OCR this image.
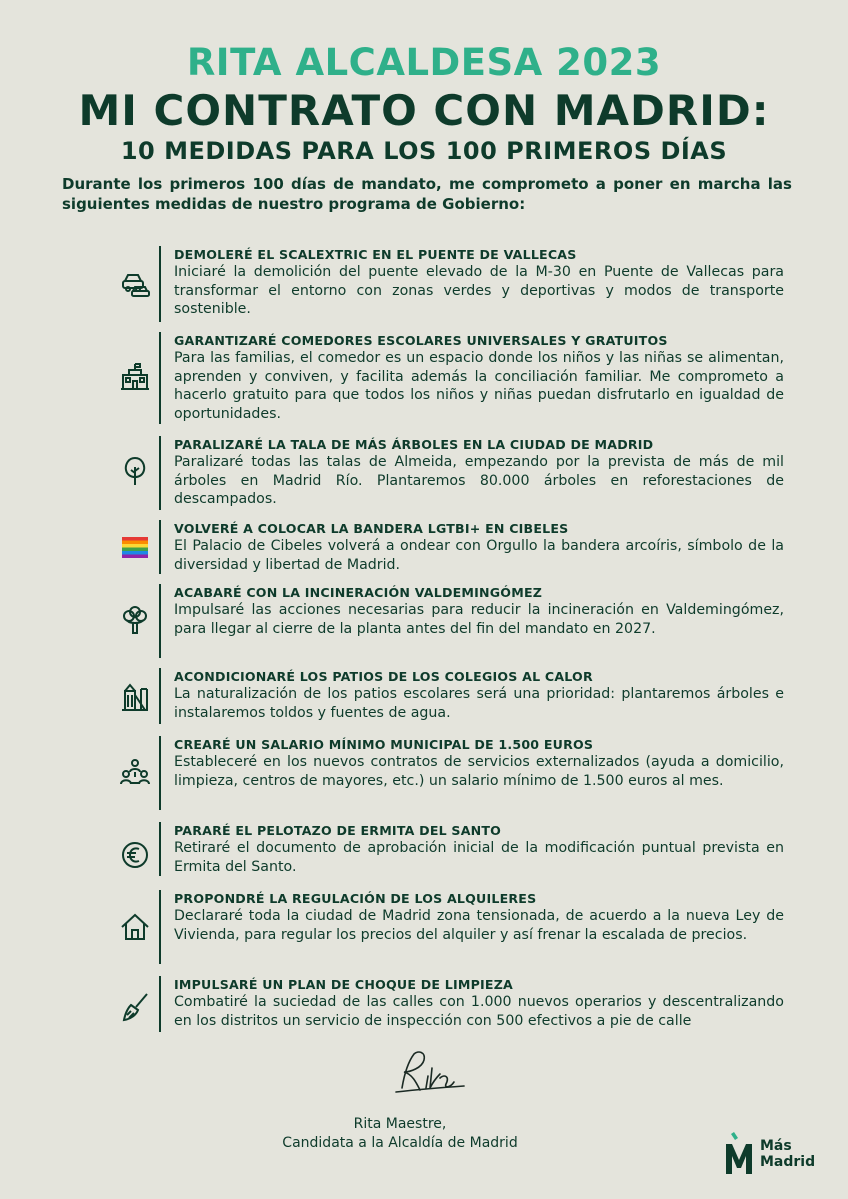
RITA ALCALDESA 2023

MI CONTRATO CON MADRID:

10 MEDIDAS PARA LOS 100 PRIMEROS DÍAS

Durante los primeros 100 días de mandato, me comprometo a poner en marcha las siguientes medidas de nuestro programa de Gobierno:

DEMOLERÉ EL SCALEXTRIC EN EL PUENTE DE VALLECAS

Iniciaré la demolición del puente elevado de la M-30 en Puente de Vallecas para transformar el entorno con zonas verdes y deportivas y modos de transporte sostenible.

GARANTIZARÉ COMEDORES ESCOLARES UNIVERSALES Y GRATUITOS

Para las familias, el comedor es un espacio donde los niños y las niñas se alimentan, aprenden y conviven, y facilita además la conciliación familiar. Me comprometo a hacerlo gratuito para que todos los niños y niñas puedan disfrutarlo en igualdad de oportunidades.

PARALIZARÉ LA TALA DE MÁS ÁRBOLES EN LA CIUDAD DE MADRID

Paralizaré todas las talas de Almeida, empezando por la prevista de más de mil árboles en Madrid Río. Plantaremos 80.000 árboles en reforestaciones de descampados.

VOLVERÉ A COLOCAR LA BANDERA LGTBI+ EN CIBELES

El Palacio de Cibeles volverá a ondear con Orgullo la bandera arcoíris, símbolo de la diversidad y libertad de Madrid.

ACABARÉ CON LA INCINERACIÓN VALDEMINGÓMEZ

Impulsaré las acciones necesarias para reducir la incineración en Valdemingómez, para llegar al cierre de la planta antes del fin del mandato en 2027.

ACONDICIONARÉ LOS PATIOS DE LOS COLEGIOS AL CALOR

La naturalización de los patios escolares será una prioridad: plantaremos árboles e instalaremos toldos y fuentes de agua.

CREARÉ UN SALARIO MÍNIMO MUNICIPAL DE 1.500 EUROS

Estableceré en los nuevos contratos de servicios externalizados (ayuda a domicilio, limpieza, centros de mayores, etc.) un salario mínimo de 1.500 euros al mes.

PARARÉ EL PELOTAZO DE ERMITA DEL SANTO

Retiraré el documento de aprobación inicial de la modificación puntual prevista en Ermita del Santo.

PROPONDRÉ LA REGULACIÓN DE LOS ALQUILERES

Declararé toda la ciudad de Madrid zona tensionada, de acuerdo a la nueva Ley de Vivienda, para regular los precios del alquiler y así frenar la escalada de precios.

IMPULSARÉ UN PLAN DE CHOQUE DE LIMPIEZA

Combatiré la suciedad de las calles con 1.000 nuevos operarios y descentralizando en los distritos un servicio de inspección con 500 efectivos a pie de calle

Rita Maestre,
Candidata a la Alcaldía de Madrid	Más
Madrid
